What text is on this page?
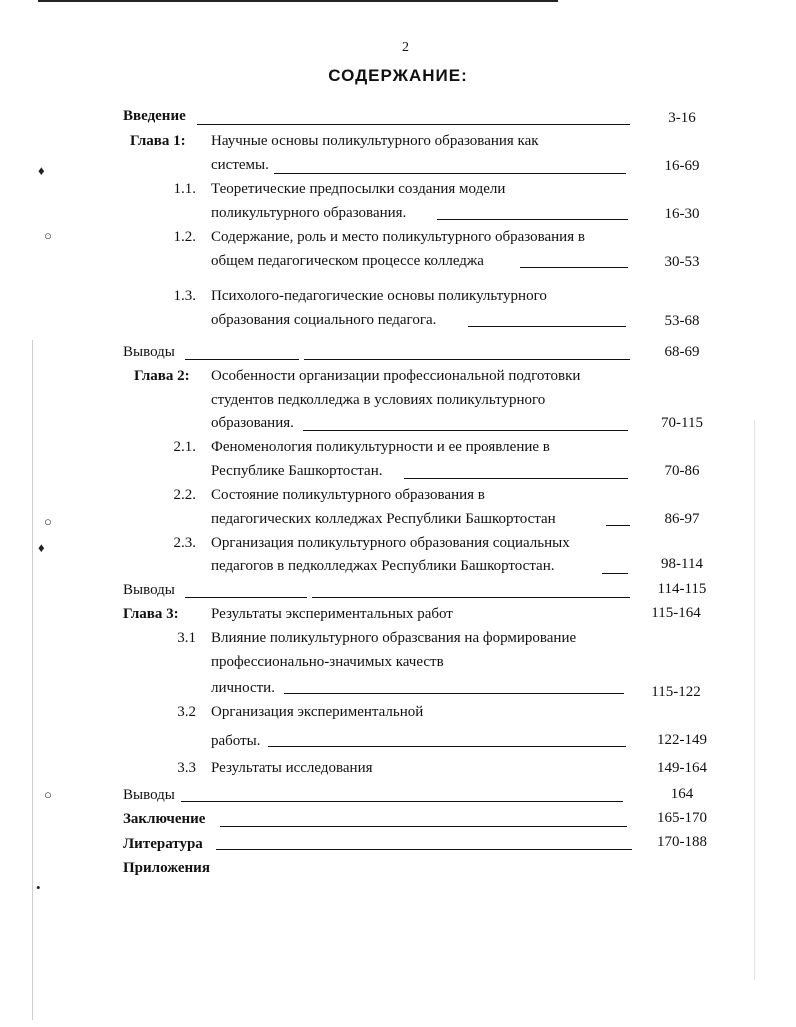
♦
○
○
♦
○
•
2
СОДЕРЖАНИЕ:
Введение	3-16
Глава 1: Научные основы поликультурного образования как
системы.	16-69
1.1. Теоретические предпосылки создания модели
поликультурного образования.	16-30
1.2. Содержание, роль и место поликультурного образования в
общем педагогическом процессе колледжа	30-53
1.3. Психолого-педагогические основы поликультурного
образования социального педагога.	53-68
Выводы	68-69
Глава 2: Особенности организации профессиональной подготовки
студентов педколледжа в условиях поликультурного
образования.	70-115
2.1. Феноменология поликультурности и ее проявление в
Республике Башкортостан.	70-86
2.2. Состояние поликультурного образования в
педагогических колледжах Республики Башкортостан	86-97
2.3. Организация поликультурного образования социальных
педагогов в педколледжах Республики Башкортостан.	98-114
Выводы	114-115
Глава 3: Результаты экспериментальных работ	115-164
3.1 Влияние поликультурного образсвания на формирование
профессионально-значимых качеств
личности.	115-122
3.2 Организация экспериментальной
работы.	122-149
3.3 Результаты исследования	149-164
Выводы	164
Заключение	165-170
Литература	170-188
Приложения
